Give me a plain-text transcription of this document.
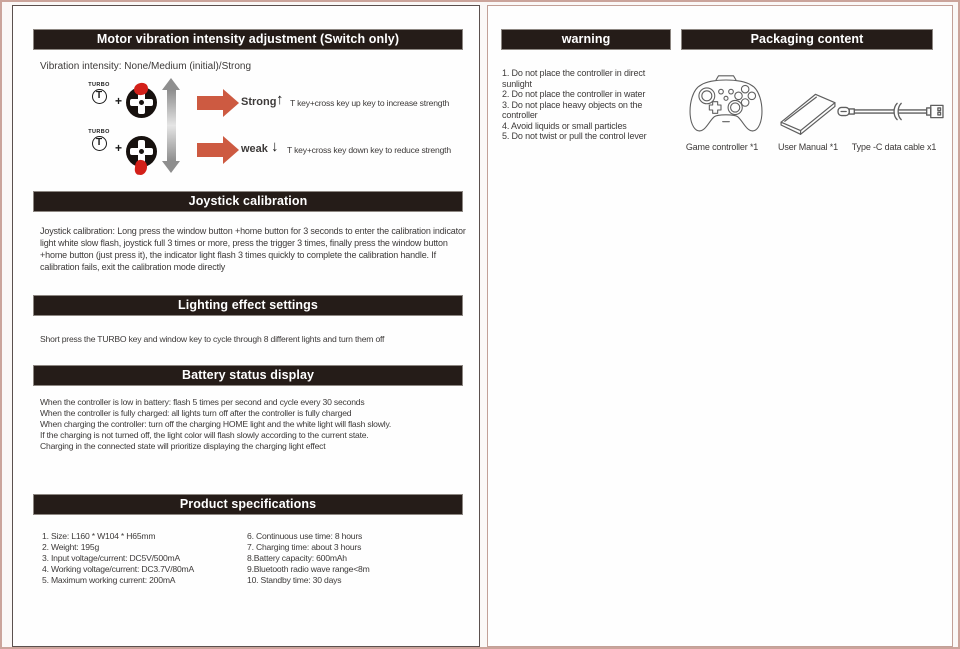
Motor vibration intensity adjustment (Switch only)
Vibration intensity: None/Medium (initial)/Strong
TURBO
T	+	Strong ↑ T key+cross key up key to increase strength
TURBO
T	+	weak ↓ T key+cross key down key to reduce strength
Joystick calibration
Joystick calibration: Long press the window button +home button for 3 seconds to enter the calibration indicator light white slow flash, joystick full 3 times or more, press the trigger 3 times, finally press the window button +home button (just press it), the indicator light flash 3 times quickly to complete the calibration handle. If calibration fails, exit the calibration mode directly
Lighting effect settings
Short press the TURBO key and window key to cycle through 8 different lights and turn them off
Battery status display
When the controller is low in battery: flash 5 times per second and cycle every 30 seconds
When the controller is fully charged: all lights turn off after the controller is fully charged
When charging the controller: turn off the charging HOME light and the white light will flash slowly.
If the charging is not turned off, the light color will flash slowly according to the current state.
Charging in the connected state will prioritize displaying the charging light effect
Product specifications
1. Size: L160 * W104 * H65mm
2. Weight: 195g
3. Input voltage/current: DC5V/500mA
4. Working voltage/current: DC3.7V/80mA
5. Maximum working current: 200mA
6. Continuous use time: 8 hours
7. Charging time: about 3 hours
8.Battery capacity: 600mAh
9.Bluetooth radio wave range<8m
10. Standby time: 30 days
warning
1. Do not place the controller in direct sunlight
2. Do not place the controller in water
3. Do not place heavy objects on the controller
4. Avoid liquids or small particles
5. Do not twist or pull the control lever
Packaging content
Game controller *1	User Manual *1	Type -C data cable x1
